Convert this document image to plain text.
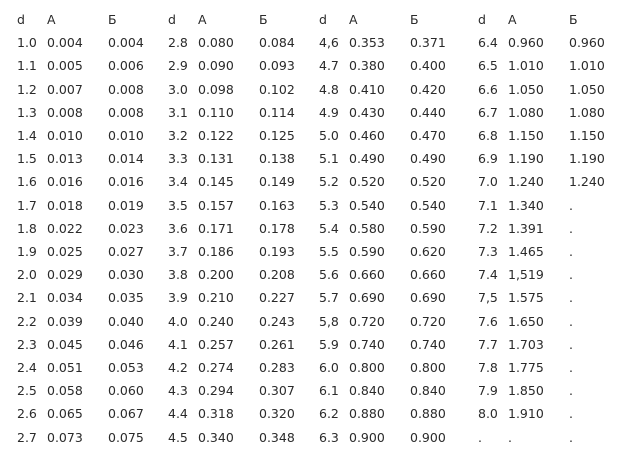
	d	A	Б	d	A	Б	d	A	Б	d	A	Б
	1.0	0.004	0.004	2.8	0.080	0.084	4,6	0.353	0.371	6.4	0.960	0.960
	1.1	0.005	0.006	2.9	0.090	0.093	4.7	0.380	0.400	6.5	1.010	1.010
	1.2	0.007	0.008	3.0	0.098	0.102	4.8	0.410	0.420	6.6	1.050	1.050
	1.3	0.008	0.008	3.1	0.110	0.114	4.9	0.430	0.440	6.7	1.080	1.080
	1.4	0.010	0.010	3.2	0.122	0.125	5.0	0.460	0.470	6.8	1.150	1.150
	1.5	0.013	0.014	3.3	0.131	0.138	5.1	0.490	0.490	6.9	1.190	1.190
	1.6	0.016	0.016	3.4	0.145	0.149	5.2	0.520	0.520	7.0	1.240	1.240
	1.7	0.018	0.019	3.5	0.157	0.163	5.3	0.540	0.540	7.1	1.340	.
	1.8	0.022	0.023	3.6	0.171	0.178	5.4	0.580	0.590	7.2	1.391	.
	1.9	0.025	0.027	3.7	0.186	0.193	5.5	0.590	0.620	7.3	1.465	.
	2.0	0.029	0.030	3.8	0.200	0.208	5.6	0.660	0.660	7.4	1,519	.
	2.1	0.034	0.035	3.9	0.210	0.227	5.7	0.690	0.690	7,5	1.575	.
	2.2	0.039	0.040	4.0	0.240	0.243	5,8	0.720	0.720	7.6	1.650	.
	2.3	0.045	0.046	4.1	0.257	0.261	5.9	0.740	0.740	7.7	1.703	.
	2.4	0.051	0.053	4.2	0.274	0.283	6.0	0.800	0.800	7.8	1.775	.
	2.5	0.058	0.060	4.3	0.294	0.307	6.1	0.840	0.840	7.9	1.850	.
	2.6	0.065	0.067	4.4	0.318	0.320	6.2	0.880	0.880	8.0	1.910	.
	2.7	0.073	0.075	4.5	0.340	0.348	6.3	0.900	0.900	.	.	.
